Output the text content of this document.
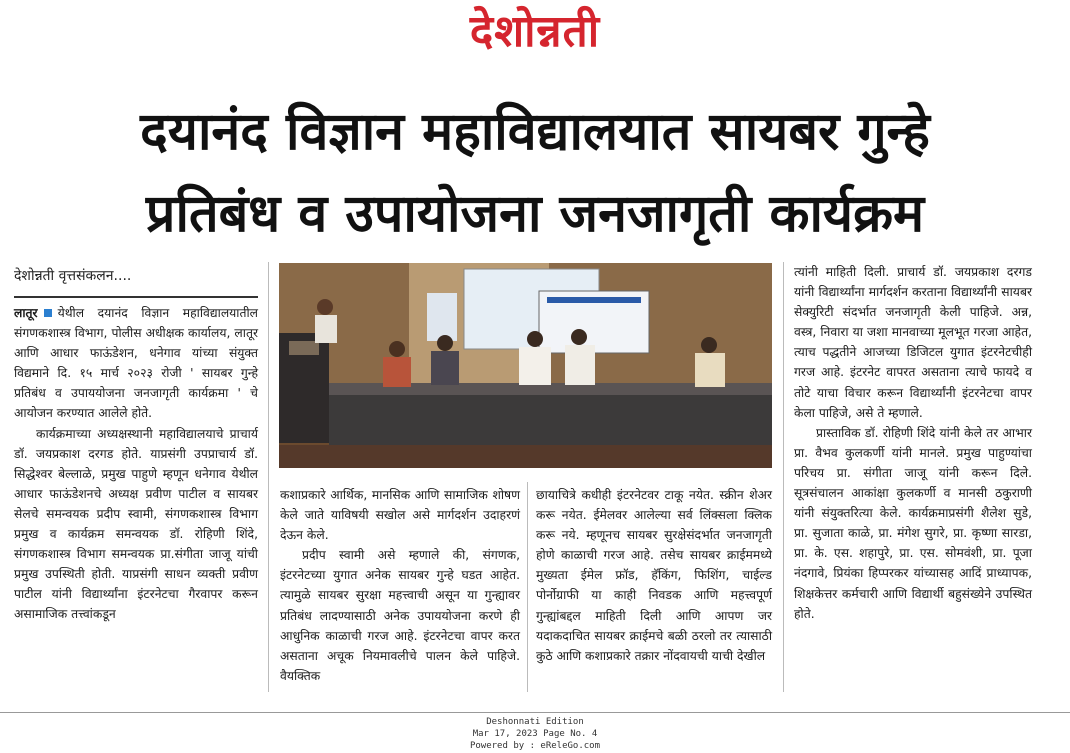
देशोन्नती
दयानंद विज्ञान महाविद्यालयात सायबर गुन्हे
प्रतिबंध व उपायोजना जनजागृती कार्यक्रम
देशोन्नती वृत्तसंकलन....

लातूर येथील दयानंद विज्ञान महाविद्यालयातील संगणकशास्त्र विभाग, पोलीस अधीक्षक कार्यालय, लातूर आणि आधार फाऊंडेशन, धनेगाव यांच्या संयुक्त विद्यमाने दि. १५ मार्च २०२३ रोजी ' सायबर गुन्हे प्रतिबंध व उपाययोजना जनजागृती कार्यक्रमा ' चे आयोजन करण्यात आलेले होते.

कार्यक्रमाच्या अध्यक्षस्थानी महाविद्यालयाचे प्राचार्य डॉ. जयप्रकाश दरगड होते. याप्रसंगी उपप्राचार्य डॉ. सिद्धेश्वर बेल्लाळे, प्रमुख पाहुणे म्हणून धनेगाव येथील आधार फाऊंडेशनचे अध्यक्ष प्रवीण पाटील व सायबर सेलचे समन्वयक प्रदीप स्वामी, संगणकशास्त्र विभाग प्रमुख व कार्यक्रम समन्वयक डॉ. रोहिणी शिंदे, संगणकशास्त्र विभाग समन्वयक प्रा.संगीता जाजू यांची प्रमुख उपस्थिती होती. याप्रसंगी साधन व्यक्ती प्रवीण पाटील यांनी विद्यार्थ्यांना इंटरनेटचा गैरवापर करून असामाजिक तत्त्वांकडून

कशाप्रकारे आर्थिक, मानसिक आणि सामाजिक शोषण केले जाते याविषयी सखोल असे मार्गदर्शन उदाहरणं देऊन केले.

प्रदीप स्वामी असे म्हणाले की, संगणक, इंटरनेटच्या युगात अनेक सायबर गुन्हे घडत आहेत. त्यामुळे सायबर सुरक्षा महत्त्वाची असून या गुन्ह्यावर प्रतिबंध लादण्यासाठी अनेक उपाययोजना करणे ही आधुनिक काळाची गरज आहे. इंटरनेटचा वापर करत असताना अचूक नियमावलीचे पालन केले पाहिजे. वैयक्तिक

छायाचित्रे कधीही इंटरनेटवर टाकू नयेत. स्क्रीन शेअर करू नयेत. ईमेलवर आलेल्या सर्व लिंक्सला क्लिक करू नये. म्हणूनच सायबर सुरक्षेसंदर्भात जनजागृती होणे काळाची गरज आहे. तसेच सायबर क्राईममध्ये मुख्यता ईमेल फ्रॉड, हॅकिंग, फिशिंग, चाईल्ड पोर्नोग्राफी या काही निवडक आणि महत्त्वपूर्ण गुन्ह्यांबद्दल माहिती दिली आणि आपण जर यदाकदाचित सायबर क्राईमचे बळी ठरलो तर त्यासाठी कुठे आणि कशाप्रकारे तक्रार नोंदवायची याची देखील

त्यांनी माहिती दिली. प्राचार्य डॉ. जयप्रकाश दरगड यांनी विद्यार्थ्यांना मार्गदर्शन करताना विद्यार्थ्यांनी सायबर सेक्युरिटी संदर्भात जनजागृती केली पाहिजे. अन्न, वस्त्र, निवारा या जशा मानवाच्या मूलभूत गरजा आहेत, त्याच पद्धतीने आजच्या डिजिटल युगात इंटरनेटचीही गरज आहे. इंटरनेट वापरत असताना त्याचे फायदे व तोटे याचा विचार करून विद्यार्थ्यांनी इंटरनेटचा वापर केला पाहिजे, असे ते म्हणाले.

प्रास्ताविक डॉ. रोहिणी शिंदे यांनी केले तर आभार प्रा. वैभव कुलकर्णी यांनी मानले. प्रमुख पाहुण्यांचा परिचय प्रा. संगीता जाजू यांनी करून दिले. सूत्रसंचालन आकांक्षा कुलकर्णी व मानसी ठकुराणी यांनी संयुक्तरित्या केले. कार्यक्रमाप्रसंगी शैलेश सुडे, प्रा. सुजाता काळे, प्रा. मंगेश सुगरे, प्रा. कृष्णा सारडा, प्रा. के. एस. शहापुरे, प्रा. एस. सोमवंशी, प्रा. पूजा नंदगावे, प्रियंका हिप्परकर यांच्यासह आदिं प्राध्यापक, शिक्षकेत्तर कर्मचारी आणि विद्यार्थी बहुसंख्येने उपस्थित होते.

Deshonnati Edition
Mar 17, 2023 Page No. 4
Powered by : eReleGo.com
